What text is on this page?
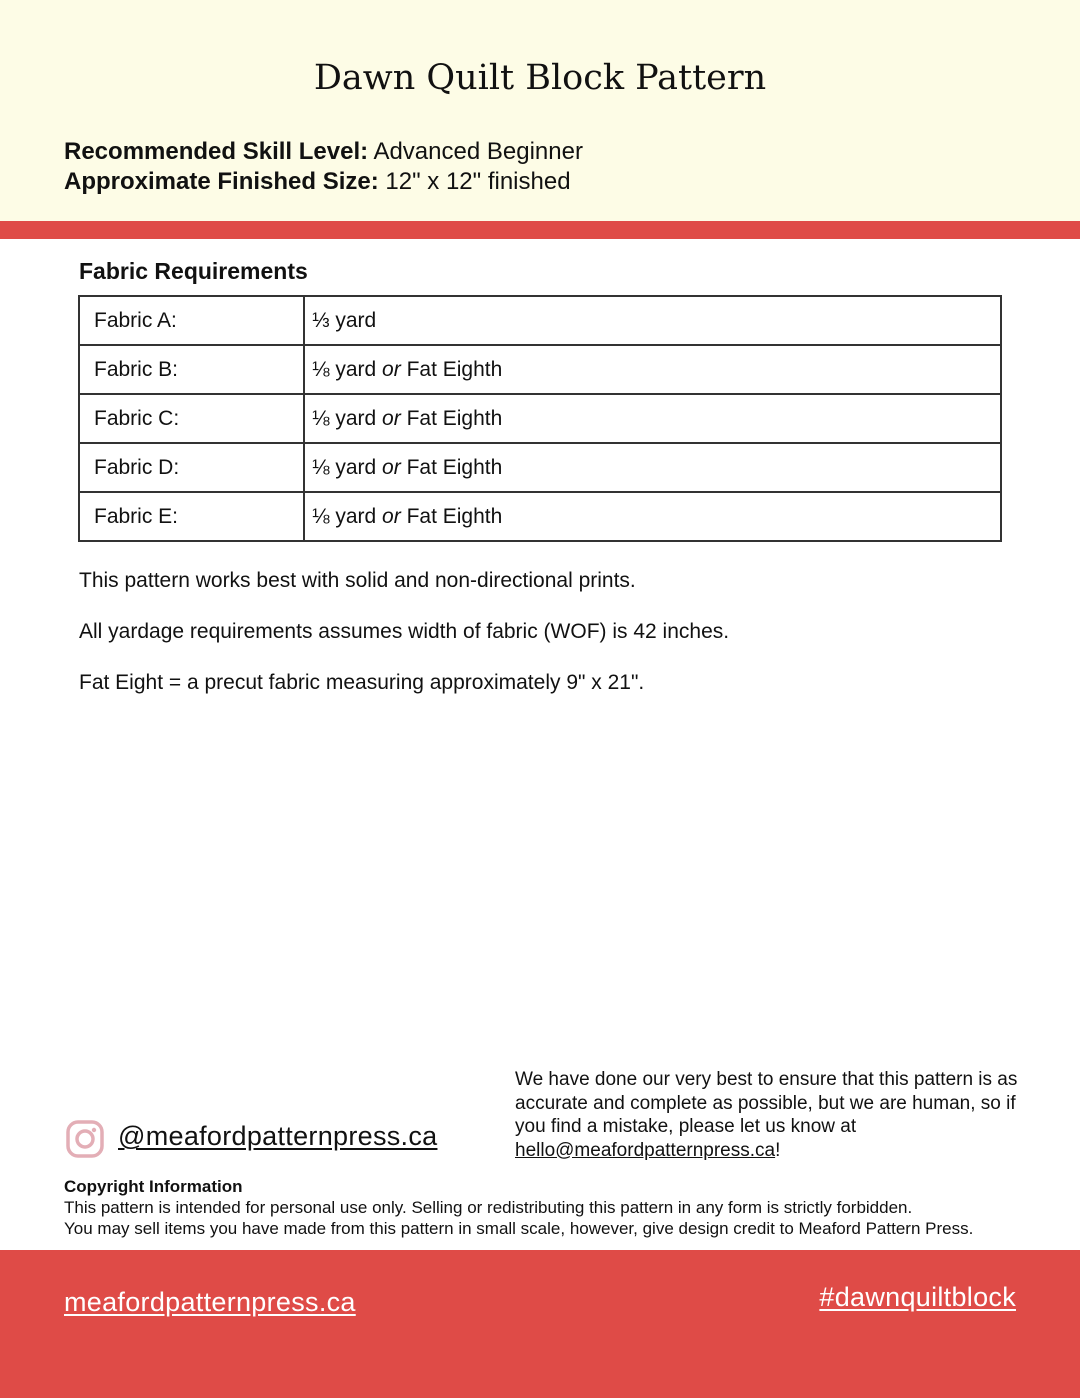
Dawn Quilt Block Pattern
Recommended Skill Level: Advanced Beginner
Approximate Finished Size: 12" x 12" finished
Fabric Requirements
Fabric A:	⅓ yard
Fabric B:	⅛ yard or Fat Eighth
Fabric C:	⅛ yard or Fat Eighth
Fabric D:	⅛ yard or Fat Eighth
Fabric E:	⅛ yard or Fat Eighth
This pattern works best with solid and non-directional prints.
All yardage requirements assumes width of fabric (WOF) is 42 inches.
Fat Eight = a precut fabric measuring approximately 9" x 21".
@meafordpatternpress.ca
We have done our very best to ensure that this pattern is as accurate and complete as possible, but we are human, so if you find a mistake, please let us know at hello@meafordpatternpress.ca!
Copyright Information
This pattern is intended for personal use only. Selling or redistributing this pattern in any form is strictly forbidden.
You may sell items you have made from this pattern in small scale, however, give design credit to Meaford Pattern Press.
meafordpatternpress.ca	#dawnquiltblock
